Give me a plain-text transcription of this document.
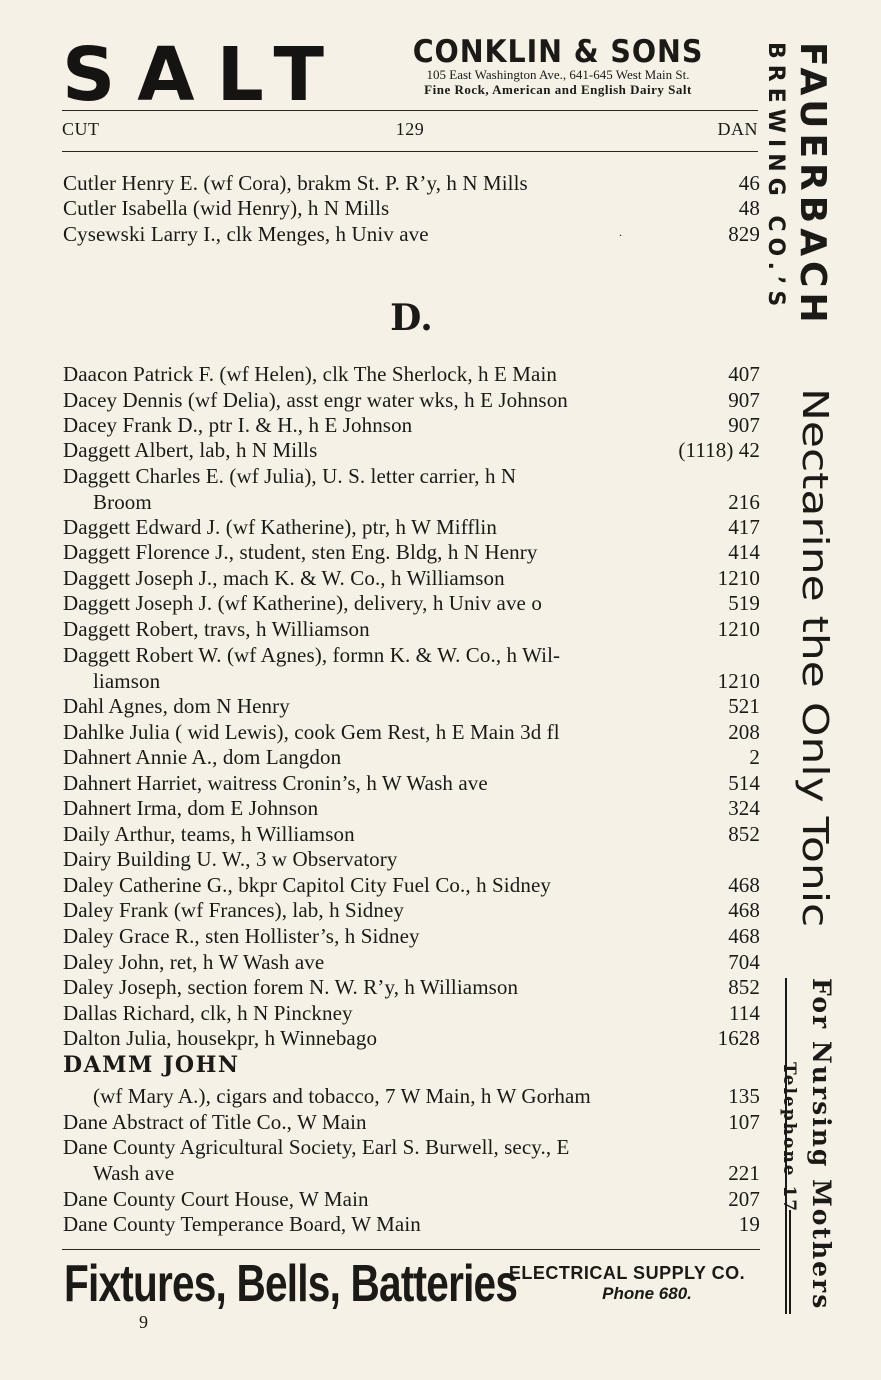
SALT	CONKLIN & SONS
105 East Washington Ave., 641-645 West Main St.
Fine Rock, American and English Dairy Salt
CUT	129	DAN
Cutler Henry E. (wf Cora), brakm St. P. R’y, h N Mills	46
Cutler Isabella (wid Henry), h N Mills	48
Cysewski Larry I., clk Menges, h Univ ave	.	829
D.
Daacon Patrick F. (wf Helen), clk The Sherlock, h E Main	407
Dacey Dennis (wf Delia), asst engr water wks, h E Johnson	907
Dacey Frank D., ptr I. & H., h E Johnson	907
Daggett Albert, lab, h N Mills	(1118) 42
Daggett Charles E. (wf Julia), U. S. letter carrier, h N
Broom	216
Daggett Edward J. (wf Katherine), ptr, h W Mifflin	417
Daggett Florence J., student, sten Eng. Bldg, h N Henry	414
Daggett Joseph J., mach K. & W. Co., h Williamson	1210
Daggett Joseph J. (wf Katherine), delivery, h Univ ave o	519
Daggett Robert, travs, h Williamson	1210
Daggett Robert W. (wf Agnes), formn K. & W. Co., h Wil-
liamson	1210
Dahl Agnes, dom N Henry	521
Dahlke Julia ( wid Lewis), cook Gem Rest, h E Main 3d fl	208
Dahnert Annie A., dom Langdon	2
Dahnert Harriet, waitress Cronin’s, h W Wash ave	514
Dahnert Irma, dom E Johnson	324
Daily Arthur, teams, h Williamson	852
Dairy Building U. W., 3 w Observatory
Daley Catherine G., bkpr Capitol City Fuel Co., h Sidney	468
Daley Frank (wf Frances), lab, h Sidney	468
Daley Grace R., sten Hollister’s, h Sidney	468
Daley John, ret, h W Wash ave	704
Daley Joseph, section forem N. W. R’y, h Williamson	852
Dallas Richard, clk, h N Pinckney	114
Dalton Julia, housekpr, h Winnebago	1628
DAMM JOHN
(wf Mary A.), cigars and tobacco, 7 W Main, h W Gorham	135
Dane Abstract of Title Co., W Main	107
Dane County Agricultural Society, Earl S. Burwell, secy., E
Wash ave	221
Dane County Court House, W Main	207
Dane County Temperance Board, W Main	19
FAUERBACH
BREWING CO.’S
Nectarine the Only Tonic
For Nursing Mothers
Telephone 17
Fixtures, Bells, Batteries
ELECTRICAL SUPPLY CO.
Phone 680.
9
